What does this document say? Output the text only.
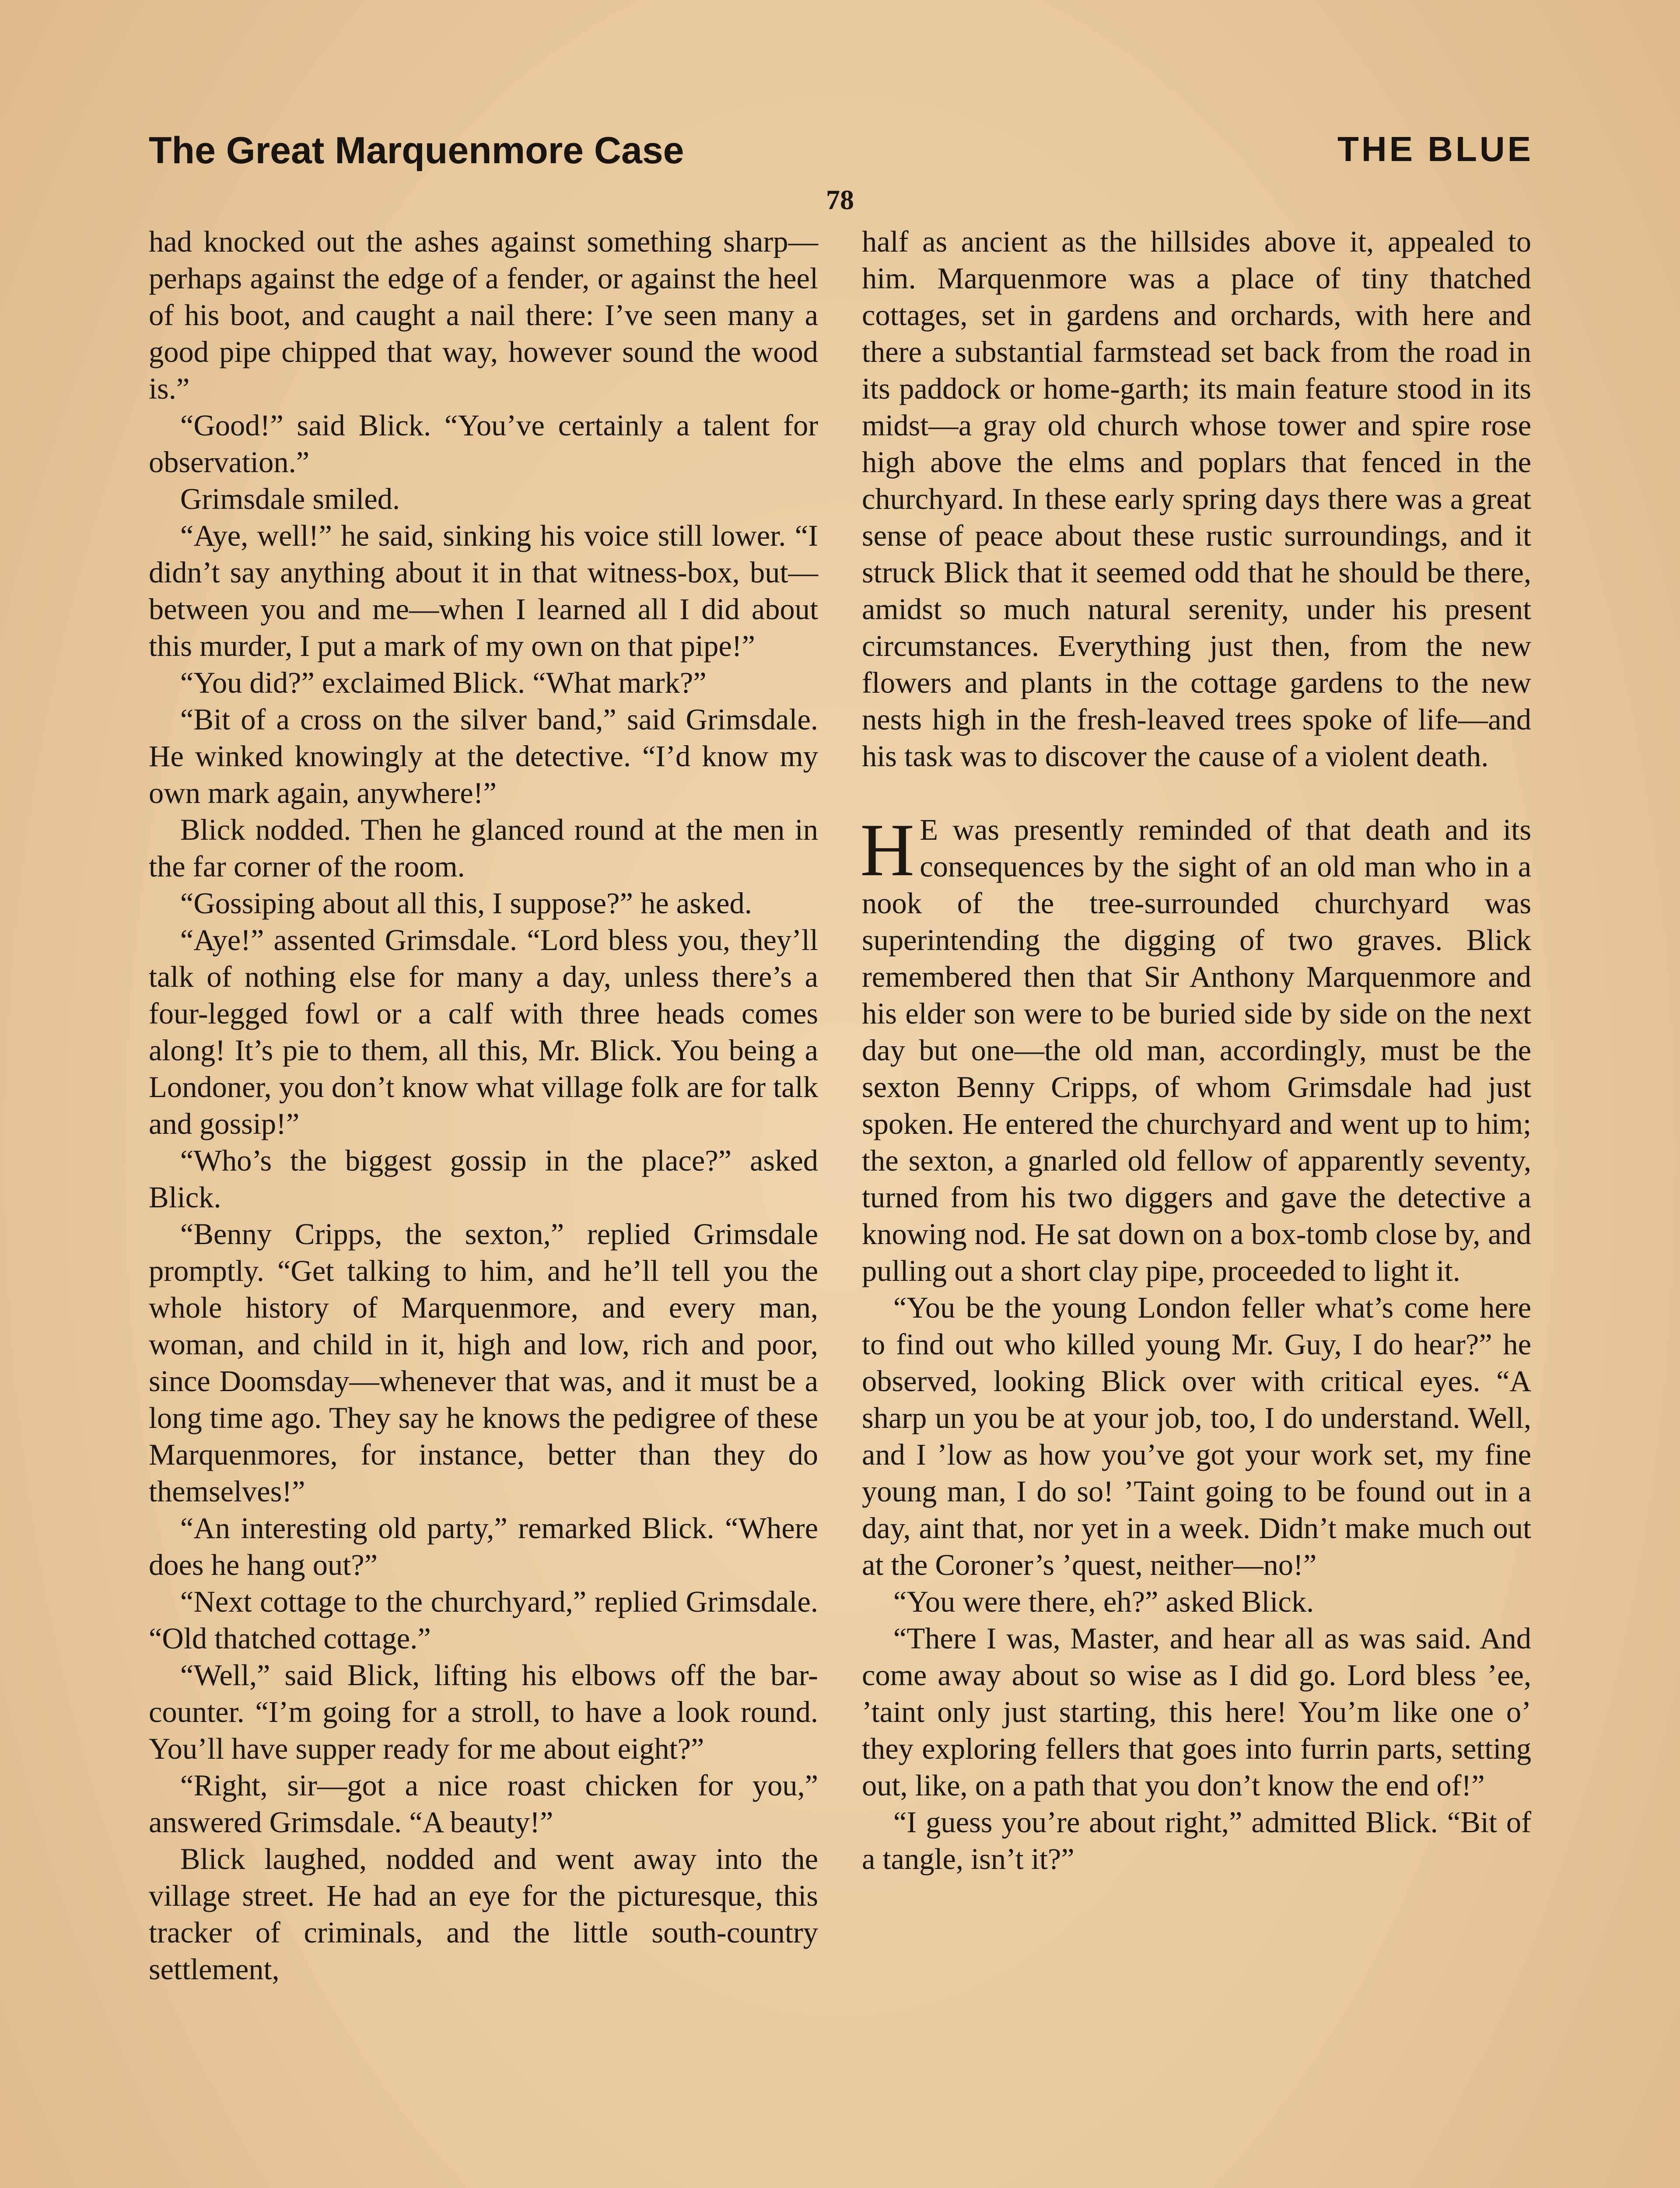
The Great Marquenmore Case	THE BLUE
78

had knocked out the ashes against something sharp—perhaps against the edge of a fender, or against the heel of his boot, and caught a nail there: I’ve seen many a good pipe chipped that way, however sound the wood is.”

“Good!” said Blick. “You’ve certainly a talent for observation.”

Grimsdale smiled.

“Aye, well!” he said, sinking his voice still lower. “I didn’t say anything about it in that witness-box, but—between you and me—when I learned all I did about this murder, I put a mark of my own on that pipe!”

“You did?” exclaimed Blick. “What mark?”

“Bit of a cross on the silver band,” said Grimsdale. He winked knowingly at the detective. “I’d know my own mark again, anywhere!”

Blick nodded. Then he glanced round at the men in the far corner of the room.

“Gossiping about all this, I suppose?” he asked.

“Aye!” assented Grimsdale. “Lord bless you, they’ll talk of nothing else for many a day, unless there’s a four-legged fowl or a calf with three heads comes along! It’s pie to them, all this, Mr. Blick. You being a Londoner, you don’t know what village folk are for talk and gossip!”

“Who’s the biggest gossip in the place?” asked Blick.

“Benny Cripps, the sexton,” replied Grimsdale promptly. “Get talking to him, and he’ll tell you the whole history of Marquenmore, and every man, woman, and child in it, high and low, rich and poor, since Doomsday—whenever that was, and it must be a long time ago. They say he knows the pedigree of these Marquenmores, for instance, better than they do themselves!”

“An interesting old party,” remarked Blick. “Where does he hang out?”

“Next cottage to the churchyard,” replied Grimsdale. “Old thatched cottage.”

“Well,” said Blick, lifting his elbows off the bar-counter. “I’m going for a stroll, to have a look round. You’ll have supper ready for me about eight?”

“Right, sir—got a nice roast chicken for you,” answered Grimsdale. “A beauty!”

Blick laughed, nodded and went away into the village street. He had an eye for the picturesque, this tracker of criminals, and the little south-country settlement,

half as ancient as the hillsides above it, appealed to him. Marquenmore was a place of tiny thatched cottages, set in gardens and orchards, with here and there a substantial farmstead set back from the road in its paddock or home-garth; its main feature stood in its midst—a gray old church whose tower and spire rose high above the elms and poplars that fenced in the churchyard. In these early spring days there was a great sense of peace about these rustic surroundings, and it struck Blick that it seemed odd that he should be there, amidst so much natural serenity, under his present circumstances. Everything just then, from the new flowers and plants in the cottage gardens to the new nests high in the fresh-leaved trees spoke of life—and his task was to discover the cause of a violent death.

H E was presently reminded of that death and its consequences by the sight of an old man who in a nook of the tree-surrounded churchyard was superintending the digging of two graves. Blick remembered then that Sir Anthony Marquenmore and his elder son were to be buried side by side on the next day but one—the old man, accordingly, must be the sexton Benny Cripps, of whom Grimsdale had just spoken. He entered the churchyard and went up to him; the sexton, a gnarled old fellow of apparently seventy, turned from his two diggers and gave the detective a knowing nod. He sat down on a box-tomb close by, and pulling out a short clay pipe, proceeded to light it.

“You be the young London feller what’s come here to find out who killed young Mr. Guy, I do hear?” he observed, looking Blick over with critical eyes. “A sharp un you be at your job, too, I do understand. Well, and I ’low as how you’ve got your work set, my fine young man, I do so! ’Taint going to be found out in a day, aint that, nor yet in a week. Didn’t make much out at the Coroner’s ’quest, neither—no!”

“You were there, eh?” asked Blick.

“There I was, Master, and hear all as was said. And come away about so wise as I did go. Lord bless ’ee, ’taint only just starting, this here! You’m like one o’ they exploring fellers that goes into furrin parts, setting out, like, on a path that you don’t know the end of!”

“I guess you’re about right,” admitted Blick. “Bit of a tangle, isn’t it?”
